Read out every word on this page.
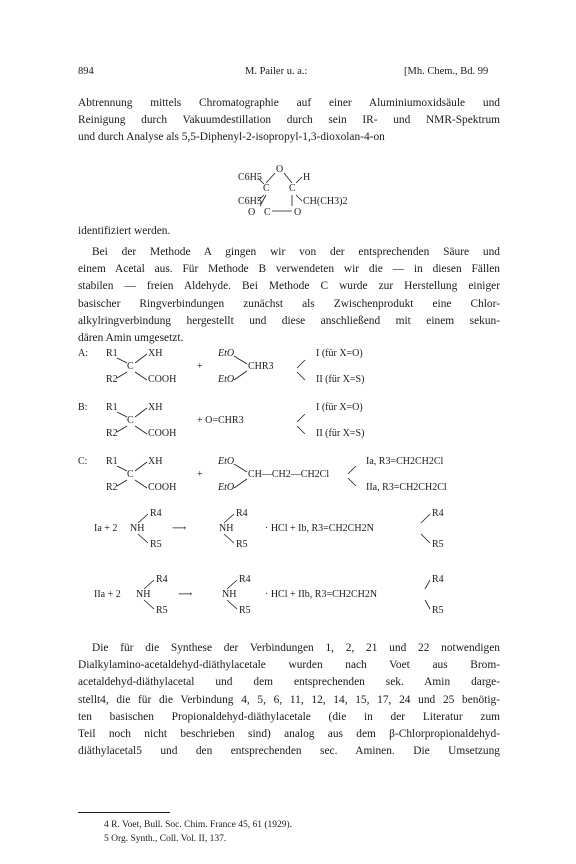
894	M. Pailer u. a.:	[Mh. Chem., Bd. 99
Abtrennung mittels Chromatographie auf einer Aluminiumoxidsäule und
Reinigung durch Vakuumdestillation durch sein IR- und NMR-Spektrum
und durch Analyse als 5,5-Diphenyl-2-isopropyl-1,3-dioxolan-4-on
O
C6H5
C6H5
C C
H
CH(CH3)2
O C O
A: R1
R2
C
XH
COOH
+
EtO
EtO
CHR3
I (für X=O)
II (für X=S)
B: R1
R2
C
XH
COOH
+ O=CHR3
I (für X=O)
II (für X=S)
C: R1
R2
C
XH
COOH
+
EtO
EtO
CH—CH2—CH2Cl
Ia, R3=CH2CH2Cl
IIa, R3=CH2CH2Cl
Ia + 2 NH
R4
R5
⟶	NH
R4
R5
· HCl + Ib, R3=CH2CH2N
R4
R5
IIa + 2 NH
R4
R5
⟶	NH
R4
R5
· HCl + IIb, R3=CH2CH2N
R4
R5
identifiziert werden.
Bei der Methode A gingen wir von der entsprechenden Säure und
einem Acetal aus. Für Methode B verwendeten wir die — in diesen Fällen
stabilen — freien Aldehyde. Bei Methode C wurde zur Herstellung einiger
basischer Ringverbindungen zunächst als Zwischenprodukt eine Chlor-
alkylringverbindung hergestellt und diese anschließend mit einem sekun-
dären Amin umgesetzt.
Die für die Synthese der Verbindungen 1, 2, 21 und 22 notwendigen
Dialkylamino-acetaldehyd-diäthylacetale wurden nach Voet aus Brom-
acetaldehyd-diäthylacetal und dem entsprechenden sek. Amin darge-
stellt4, die für die Verbindung 4, 5, 6, 11, 12, 14, 15, 17, 24 und 25 benötig-
ten basischen Propionaldehyd-diäthylacetale (die in der Literatur zum
Teil noch nicht beschrieben sind) analog aus dem β-Chlorpropionaldehyd-
diäthylacetal5 und den entsprechenden sec. Aminen. Die Umsetzung
4 R. Voet, Bull. Soc. Chim. France 45, 61 (1929).
5 Org. Synth., Coll. Vol. II, 137.
